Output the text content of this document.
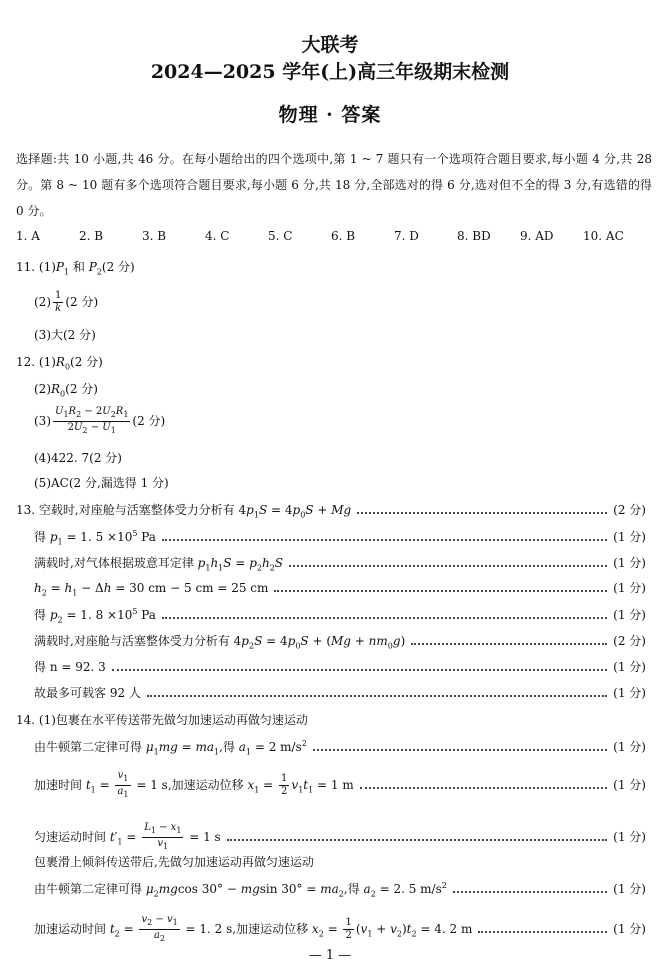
大联考
2024—2025 学年(上)高三年级期末检测
物理 · 答案
选择题:共 10 小题,共 46 分。在每小题给出的四个选项中,第 1 ~ 7 题只有一个选项符合题目要求,每小题 4 分,共 28 分。第 8 ~ 10 题有多个选项符合题目要求,每小题 6 分,共 18 分,全部选对的得 6 分,选对但不全的得 3 分,有选错的得 0 分。
1. A	2. B	3. B	4. C	5. C	6. B	7. D	8. BD	9. AD	10. AC
11. $(1)P_1$ 和 $P_2(2$ 分)
$(2) \frac{1}{k} (2$ 分)
(3)大(2 分)
12. $(1)R_0(2$ 分)
$(2)R_0(2$ 分)
$(3) \frac{U_1R_2 - 2U_2R_1}{2U_2 - U_1} (2$ 分)
(4)422. 7(2 分)
(5)AC(2 分,漏选得 1 分)
13. 空载时,对座舱与活塞整体受力分析有 $4p_1S = 4p_0S + Mg$	(2 分)
得 $p_1 = 1$. $5 \times 10^5$ Pa	(1 分)
满载时,对气体根据玻意耳定律 $p_1h_1S = p_2h_2S$	(1 分)
$h_2 = h_1 - \Delta h = 30$ cm − 5 cm = 25 cm	(1 分)
得 $p_2 = 1$. $8 \times 10^5$ Pa	(1 分)
满载时,对座舱与活塞整体受力分析有 $4p_2S = 4p_0S + (Mg + nm_0g)$	(2 分)
得 n = 92. 3	(1 分)
故最多可载客 92 人	(1 分)
14. (1)包裹在水平传送带先做匀加速运动再做匀速运动
由牛顿第二定律可得 $\mu_1mg = ma_1$,得 $a_1 = 2$ $m/s^2$	(1 分)
加速时间 $t_1 = \frac{v_1}{a_1} = 1$ s,加速运动位移 $x_1 = \frac{1}{2} v_1t_1 = 1$ m	(1 分)
匀速运动时间 $t'_1 = \frac{L_1 - x_1}{v_1} = 1$ s	(1 分)
包裹滑上倾斜传送带后,先做匀加速运动再做匀速运动
由牛顿第二定律可得 $\mu_2mgcos$ 30° − mgsin $30^\circ = ma_2$,得 $a_2 = 2$. 5 $m/s^2$	(1 分)
加速运动时间 $t_2 = \frac{v_2 - v_1}{a_2} = 1$. 2 s,加速运动位移 $x_2 = \frac{1}{2} (v_1 + v_2)t_2 = 4$. 2 m	(1 分)
— 1 —
